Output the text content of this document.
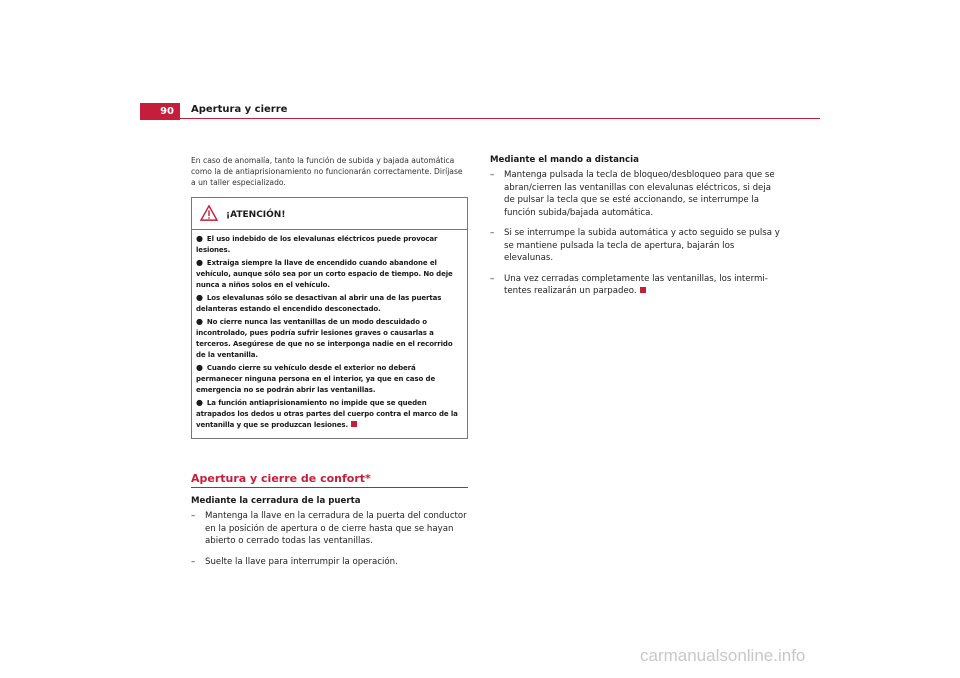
90	Apertura y cierre

En caso de anomalía, tanto la función de subida y bajada automática como la de antiaprisionamiento no funcionarán correctamente. Diríjase a un taller especializado.

¡ATENCIÓN!

● El uso indebido de los elevalunas eléctricos puede provocar lesiones.

● Extraiga siempre la llave de encendido cuando abandone el vehículo, aunque sólo sea por un corto espacio de tiempo. No deje nunca a niños solos en el vehículo.

● Los elevalunas sólo se desactivan al abrir una de las puertas delanteras estando el encendido desconectado.

● No cierre nunca las ventanillas de un modo descuidado o incontrolado, pues podría sufrir lesiones graves o causarlas a terceros. Asegúrese de que no se interponga nadie en el recorrido de la ventanilla.

● Cuando cierre su vehículo desde el exterior no deberá permanecer ninguna persona en el interior, ya que en caso de emergencia no se podrán abrir las ventanillas.

● La función antiaprisionamiento no impide que se queden atrapados los dedos u otras partes del cuerpo contra el marco de la ventanilla y que se produzcan lesiones.

Apertura y cierre de confort*
Mediante la cerradura de la puerta
–	Mantenga la llave en la cerradura de la puerta del conductor en la posición de apertura o de cierre hasta que se hayan abierto o cerrado todas las ventanillas.
–	Suelte la llave para interrumpir la operación.
Mediante el mando a distancia
–	Mantenga pulsada la tecla de bloqueo/desbloqueo para que se abran/cierren las ventanillas con elevalunas eléctricos, si deja de pulsar la tecla que se esté accionando, se interrumpe la función subida/bajada automática.
–	Si se interrumpe la subida automática y acto seguido se pulsa y se mantiene pulsada la tecla de apertura, bajarán los elevalunas.
–	Una vez cerradas completamente las ventanillas, los intermi-tentes realizarán un parpadeo.
carmanualsonline.info
